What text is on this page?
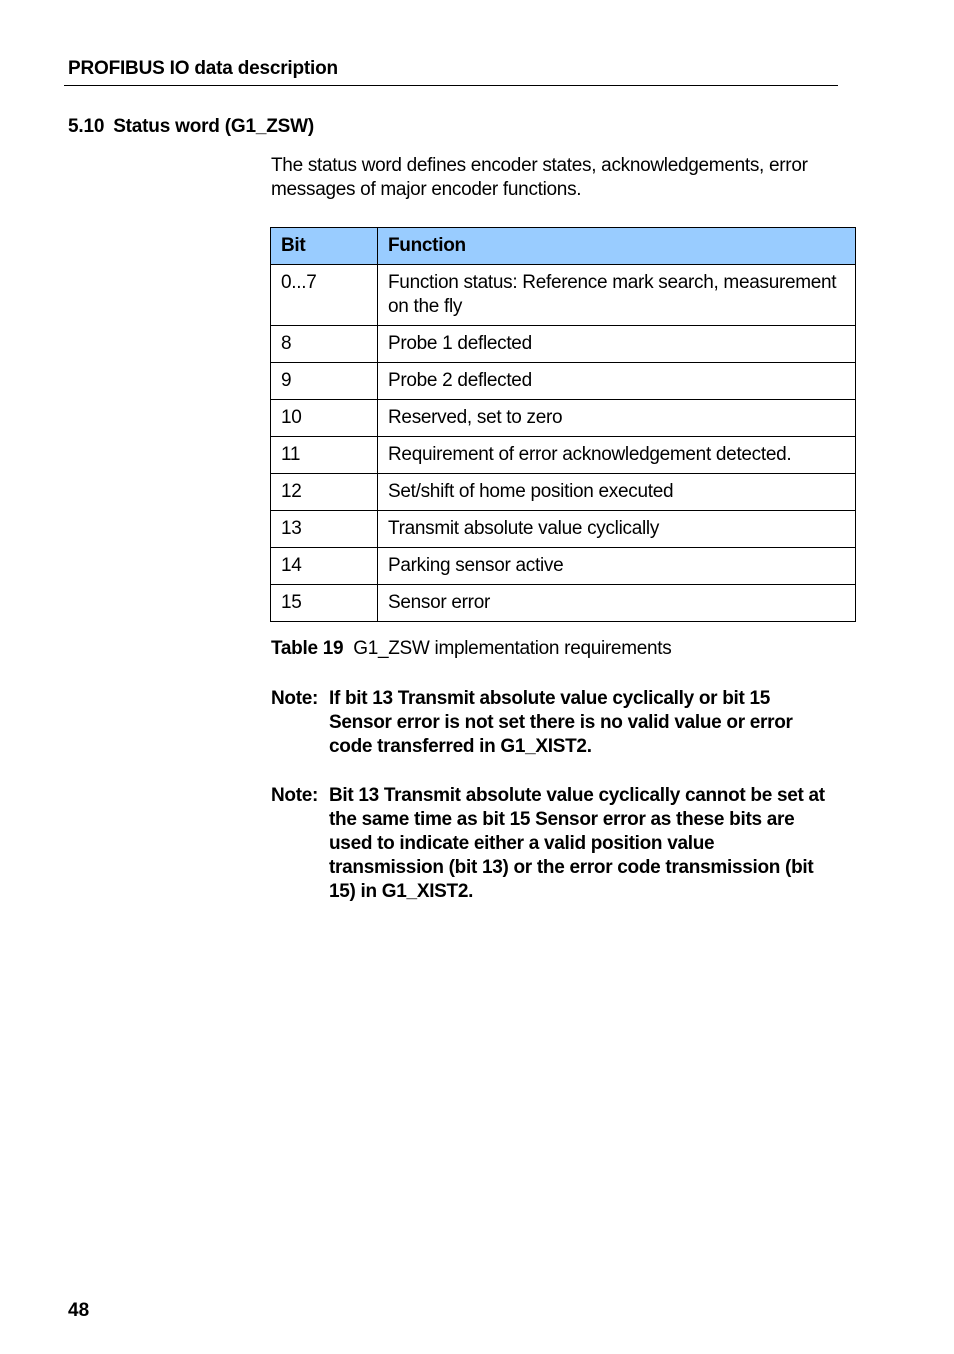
PROFIBUS IO data description
5.10 Status word (G1_ZSW)
The status word defines encoder states, acknowledgements, error messages of major encoder functions.
Bit	Function
0...7	Function status: Reference mark search, measurement on the fly
8	Probe 1 deflected
9	Probe 2 deflected
10	Reserved, set to zero
11	Requirement of error acknowledgement detected.
12	Set/shift of home position executed
13	Transmit absolute value cyclically
14	Parking sensor active
15	Sensor error
Table 19 G1_ZSW implementation requirements
Note: If bit 13 Transmit absolute value cyclically or bit 15 Sensor error is not set there is no valid value or error code transferred in G1_XIST2.
Note: Bit 13 Transmit absolute value cyclically cannot be set at the same time as bit 15 Sensor error as these bits are used to indicate either a valid position value transmission (bit 13) or the error code transmission (bit 15) in G1_XIST2.
48
